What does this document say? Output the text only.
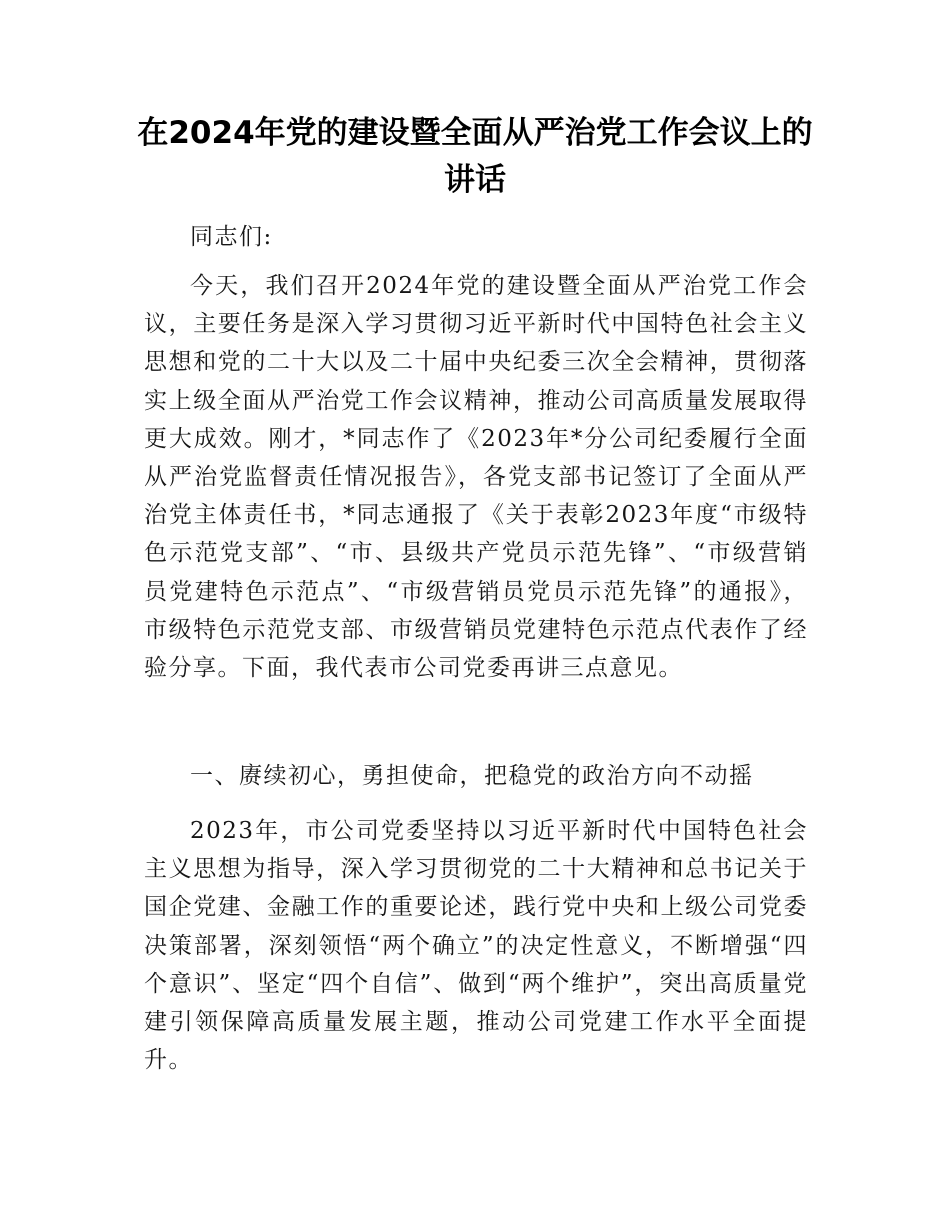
在2024年党的建设暨全面从严治党工作会议上的讲话

同志们:

今天，我们召开2024年党的建设暨全面从严治党工作会议，主要任务是深入学习贯彻习近平新时代中国特色社会主义思想和党的二十大以及二十届中央纪委三次全会精神，贯彻落实上级全面从严治党工作会议精神，推动公司高质量发展取得更大成效。刚才，*同志作了《2023年*分公司纪委履行全面从严治党监督责任情况报告》，各党支部书记签订了全面从严治党主体责任书，*同志通报了《关于表彰2023年度“市级特色示范党支部”、“市、县级共产党员示范先锋”、“市级营销员党建特色示范点”、“市级营销员党员示范先锋”的通报》，市级特色示范党支部、市级营销员党建特色示范点代表作了经验分享。下面，我代表市公司党委再讲三点意见。

一、赓续初心，勇担使命，把稳党的政治方向不动摇

2023年，市公司党委坚持以习近平新时代中国特色社会主义思想为指导，深入学习贯彻党的二十大精神和总书记关于国企党建、金融工作的重要论述，践行党中央和上级公司党委决策部署，深刻领悟“两个确立”的决定性意义，不断增强“四个意识”、坚定“四个自信”、做到“两个维护”，突出高质量党建引领保障高质量发展主题，推动公司党建工作水平全面提升。
